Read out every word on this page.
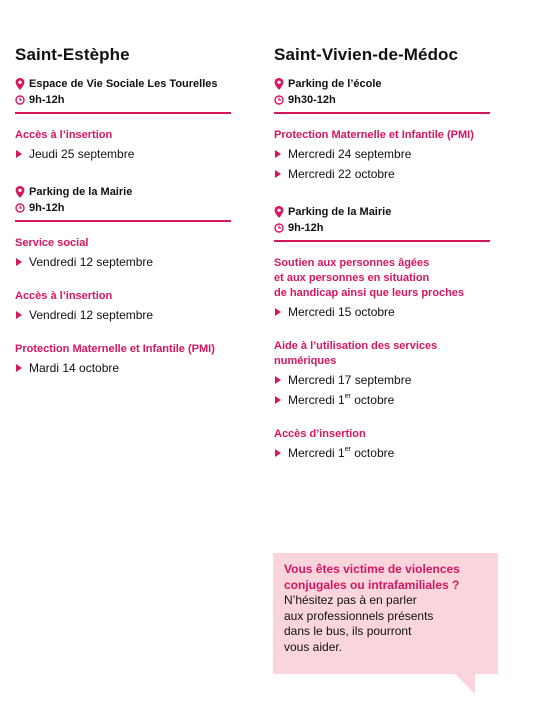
Saint-Estèphe
Espace de Vie Sociale Les Tourelles
9h-12h
Accès à l’insertion
Jeudi 25 septembre
Parking de la Mairie
9h-12h
Service social
Vendredi 12 septembre
Accès à l’insertion
Vendredi 12 septembre
Protection Maternelle et Infantile (PMI)
Mardi 14 octobre
Saint-Vivien-de-Médoc
Parking de l’école
9h30-12h
Protection Maternelle et Infantile (PMI)
Mercredi 24 septembre
Mercredi 22 octobre
Parking de la Mairie
9h-12h
Soutien aux personnes âgées
et aux personnes en situation
de handicap ainsi que leurs proches
Mercredi 15 octobre
Aide à l’utilisation des services
numériques
Mercredi 17 septembre
Mercredi 1er octobre
Accès d’insertion
Mercredi 1er octobre
Vous êtes victime de violences
conjugales ou intrafamiliales ?
N’hésitez pas à en parler
aux professionnels présents
dans le bus, ils pourront
vous aider.
